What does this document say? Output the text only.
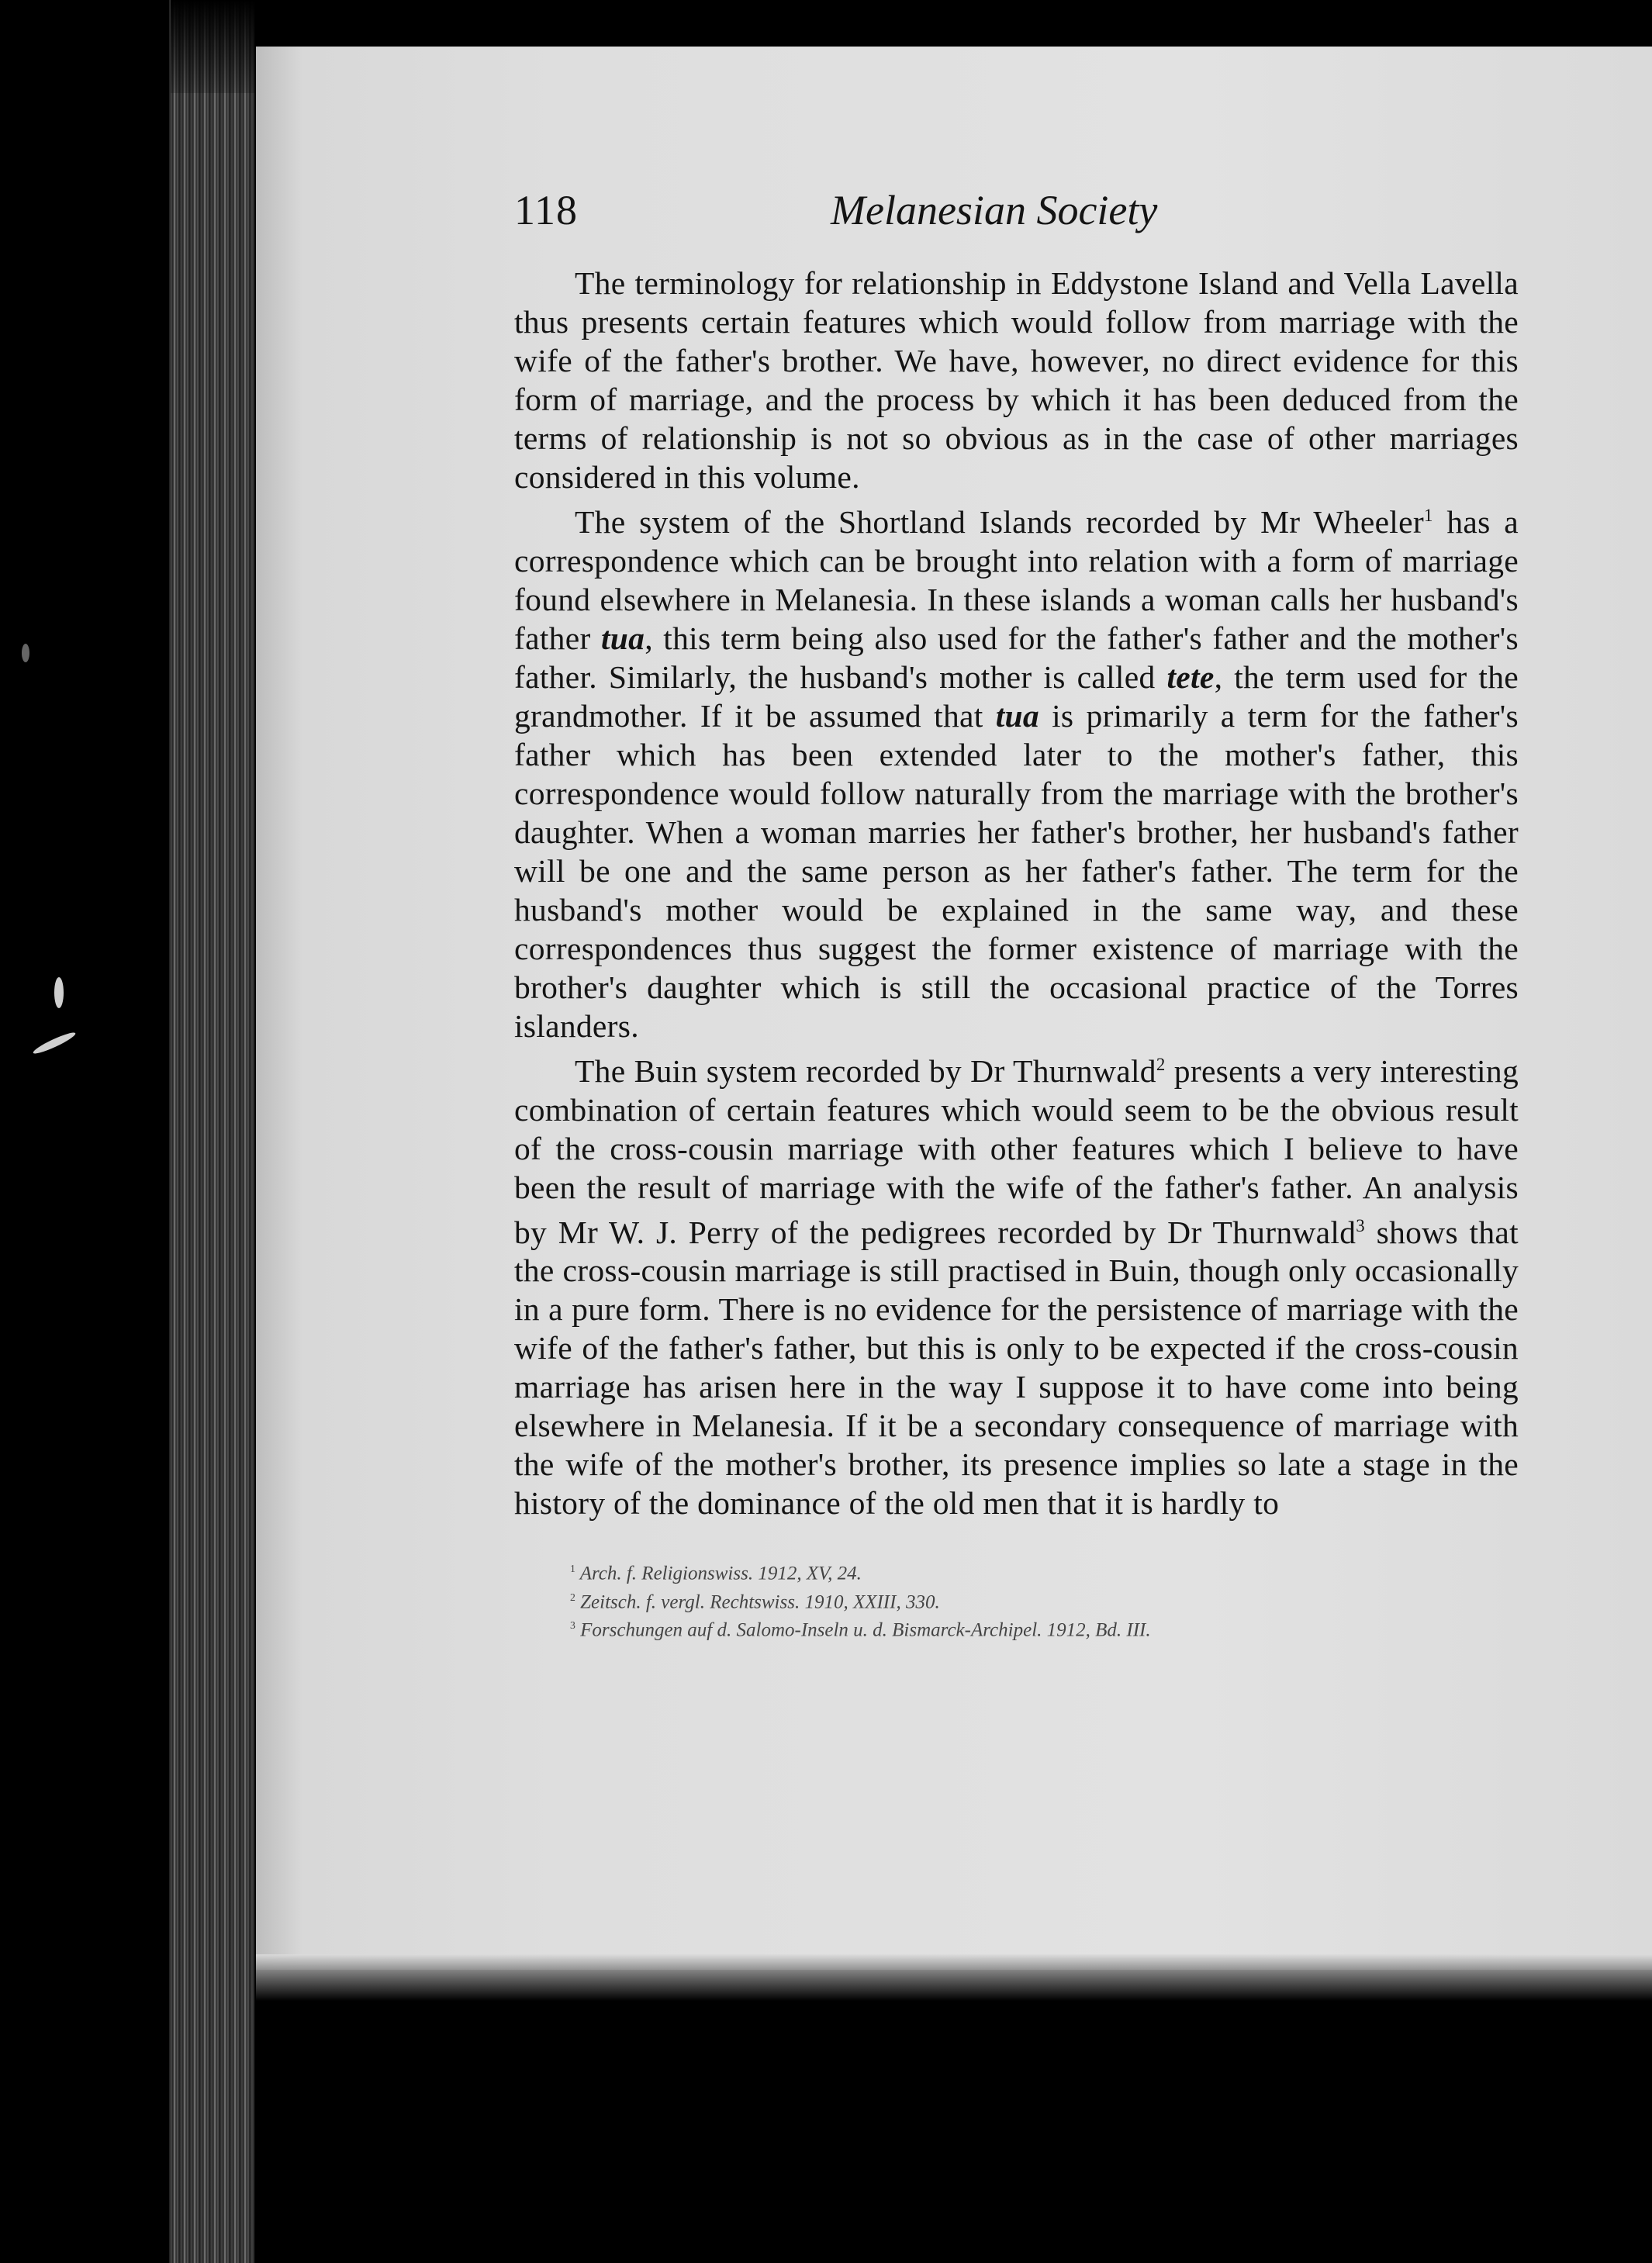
118	Melanesian Society

The terminology for relationship in Eddystone Island and Vella Lavella thus presents certain features which would follow from marriage with the wife of the father's brother. We have, however, no direct evidence for this form of marriage, and the process by which it has been deduced from the terms of relationship is not so obvious as in the case of other marriages considered in this volume.

The system of the Shortland Islands recorded by Mr Wheeler$^1$ has a correspondence which can be brought into relation with a form of marriage found elsewhere in Melanesia. In these islands a woman calls her husband's father tua, this term being also used for the father's father and the mother's father. Similarly, the husband's mother is called tete, the term used for the grandmother. If it be assumed that tua is primarily a term for the father's father which has been extended later to the mother's father, this correspondence would follow naturally from the marriage with the brother's daughter. When a woman marries her father's brother, her husband's father will be one and the same person as her father's father. The term for the husband's mother would be explained in the same way, and these correspondences thus suggest the former existence of marriage with the brother's daughter which is still the occasional practice of the Torres islanders.

The Buin system recorded by Dr Thurnwald$^2$ presents a very interesting combination of certain features which would seem to be the obvious result of the cross-cousin marriage with other features which I believe to have been the result of marriage with the wife of the father's father. An analysis by Mr W. J. Perry of the pedigrees recorded by Dr Thurnwald$^3$ shows that the cross-cousin marriage is still practised in Buin, though only occasionally in a pure form. There is no evidence for the persistence of marriage with the wife of the father's father, but this is only to be expected if the cross-cousin marriage has arisen here in the way I suppose it to have come into being elsewhere in Melanesia. If it be a secondary consequence of marriage with the wife of the mother's brother, its presence implies so late a stage in the history of the dominance of the old men that it is hardly to

$^1$ Arch. f. Religionswiss. 1912, XV, 24.
$^2$ Zeitsch. f. vergl. Rechtswiss. 1910, XXIII, 330.
$^3$ Forschungen auf d. Salomo-Inseln u. d. Bismarck-Archipel. 1912, Bd. III.
